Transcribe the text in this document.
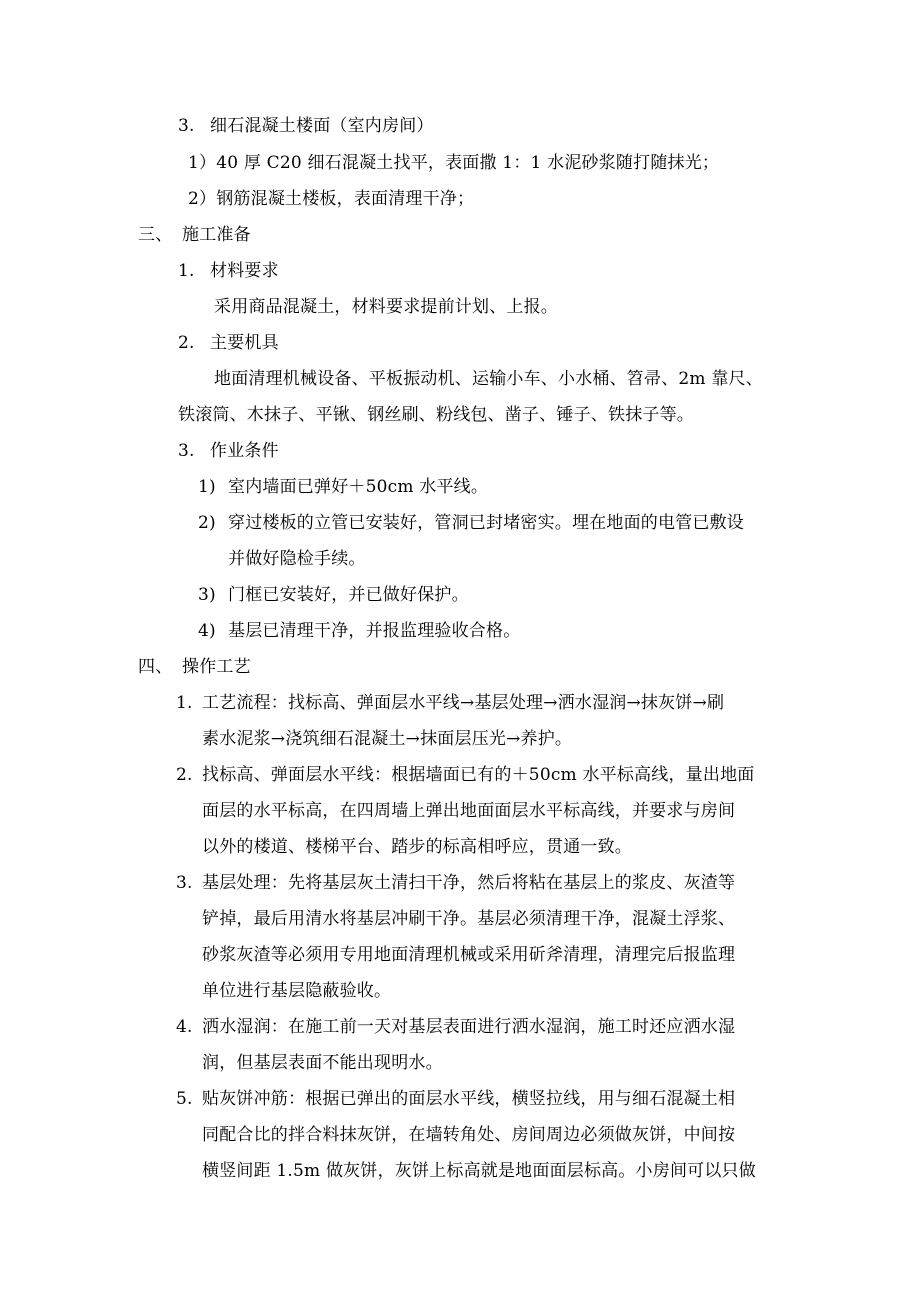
3. 细石混凝土楼面（室内房间）
1）40 厚 C20 细石混凝土找平，表面撒 1：1 水泥砂浆随打随抹光；
2）钢筋混凝土楼板，表面清理干净；
三、 施工准备
1. 材料要求
采用商品混凝土，材料要求提前计划、上报。
2. 主要机具
地面清理机械设备、平板振动机、运输小车、小水桶、笤帚、2m 靠尺、
铁滚筒、木抹子、平锹、钢丝刷、粉线包、凿子、锤子、铁抹子等。
3. 作业条件
1) 室内墙面已弹好＋50cm 水平线。
2) 穿过楼板的立管已安装好，管洞已封堵密实。埋在地面的电管已敷设
并做好隐检手续。
3) 门框已安装好，并已做好保护。
4) 基层已清理干净，并报监理验收合格。
四、 操作工艺
1. 工艺流程：找标高、弹面层水平线→基层处理→洒水湿润→抹灰饼→刷
素水泥浆→浇筑细石混凝土→抹面层压光→养护。
2. 找标高、弹面层水平线：根据墙面已有的＋50cm 水平标高线，量出地面
面层的水平标高，在四周墙上弹出地面面层水平标高线，并要求与房间
以外的楼道、楼梯平台、踏步的标高相呼应，贯通一致。
3. 基层处理：先将基层灰土清扫干净，然后将粘在基层上的浆皮、灰渣等
铲掉，最后用清水将基层冲刷干净。基层必须清理干净，混凝土浮浆、
砂浆灰渣等必须用专用地面清理机械或采用斫斧清理，清理完后报监理
单位进行基层隐蔽验收。
4. 洒水湿润：在施工前一天对基层表面进行洒水湿润，施工时还应洒水湿
润，但基层表面不能出现明水。
5. 贴灰饼冲筋：根据已弹出的面层水平线，横竖拉线，用与细石混凝土相
同配合比的拌合料抹灰饼，在墙转角处、房间周边必须做灰饼，中间按
横竖间距 1.5m 做灰饼，灰饼上标高就是地面面层标高。小房间可以只做
